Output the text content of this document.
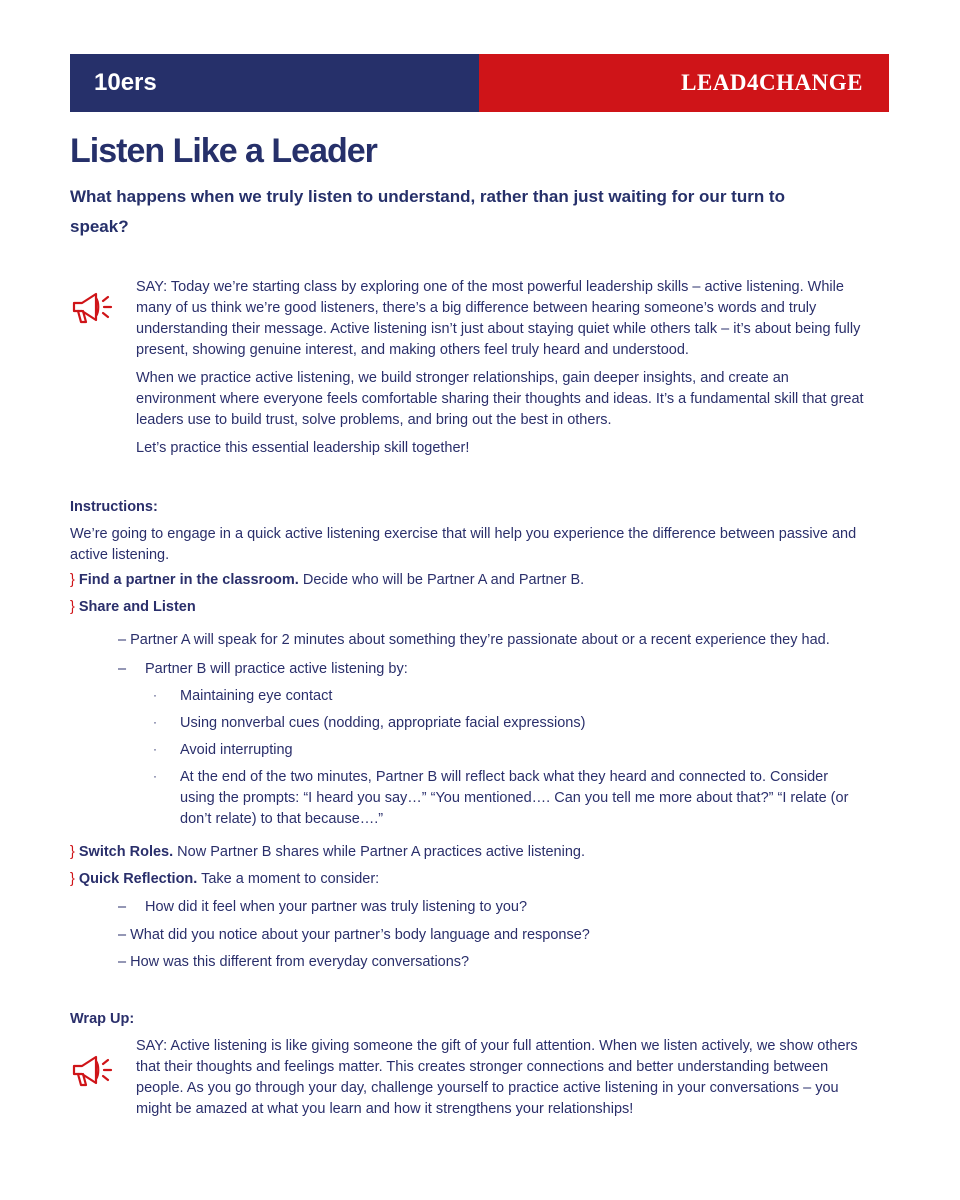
10ers	LEAD4CHANGE
Listen Like a Leader

What happens when we truly listen to understand, rather than just waiting for our turn to speak?

SAY: Today we’re starting class by exploring one of the most powerful leadership skills – active listening. While many of us think we’re good listeners, there’s a big difference between hearing someone’s words and truly understanding their message. Active listening isn’t just about staying quiet while others talk – it’s about being fully present, showing genuine interest, and making others feel truly heard and understood.

When we practice active listening, we build stronger relationships, gain deeper insights, and create an environment where everyone feels comfortable sharing their thoughts and ideas. It’s a fundamental skill that great leaders use to build trust, solve problems, and bring out the best in others.

Let’s practice this essential leadership skill together!

Instructions:

We’re going to engage in a quick active listening exercise that will help you experience the difference between passive and active listening.

} Find a partner in the classroom. Decide who will be Partner A and Partner B.

} Share and Listen

– Partner A will speak for 2 minutes about something they’re passionate about or a recent experience they had.

– Partner B will practice active listening by:

· Maintaining eye contact

· Using nonverbal cues (nodding, appropriate facial expressions)

· Avoid interrupting

· At the end of the two minutes, Partner B will reflect back what they heard and connected to. Consider using the prompts: “I heard you say…” “You mentioned…. Can you tell me more about that?” “I relate (or don’t relate) to that because….”

} Switch Roles. Now Partner B shares while Partner A practices active listening.

} Quick Reflection. Take a moment to consider:

– How did it feel when your partner was truly listening to you?

– What did you notice about your partner’s body language and response?

– How was this different from everyday conversations?

Wrap Up:

SAY: Active listening is like giving someone the gift of your full attention. When we listen actively, we show others that their thoughts and feelings matter. This creates stronger connections and better understanding between people. As you go through your day, challenge yourself to practice active listening in your conversations – you might be amazed at what you learn and how it strengthens your relationships!
